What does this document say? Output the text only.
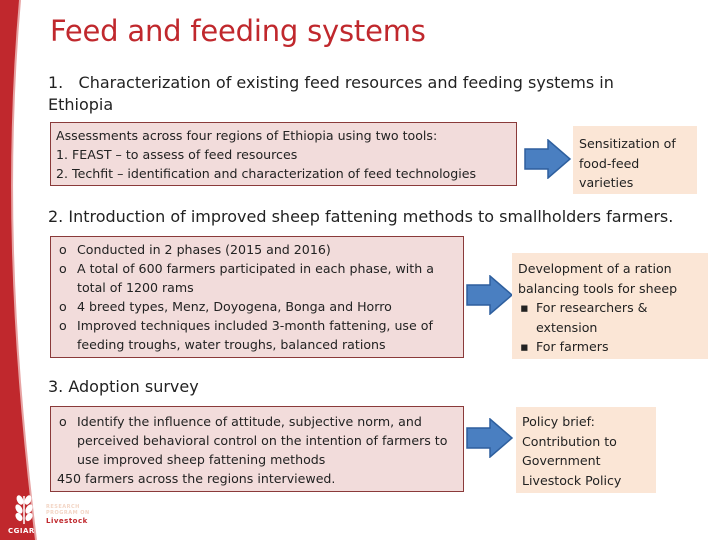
Feed and feeding systems
1. Characterization of existing feed resources and feeding systems in Ethiopia
Assessments across four regions of Ethiopia using two tools:
1. FEAST – to assess of feed resources
2. Techfit – identification and characterization of feed technologies
Sensitization of food-feed varieties
2. Introduction of improved sheep fattening methods to smallholders farmers.
o Conducted in 2 phases (2015 and 2016)
o A total of 600 farmers participated in each phase, with a total of 1200 rams
o 4 breed types, Menz, Doyogena, Bonga and Horro
o Improved techniques included 3-month fattening, use of feeding troughs, water troughs, balanced rations
Development of a ration balancing tools for sheep
▪ For researchers & extension
▪ For farmers
3. Adoption survey
o Identify the influence of attitude, subjective norm, and perceived behavioral control on the intention of farmers to use improved sheep fattening methods
450 farmers across the regions interviewed.
Policy brief: Contribution to Government Livestock Policy
CGIAR
RESEARCH
PROGRAM ON
Livestock
